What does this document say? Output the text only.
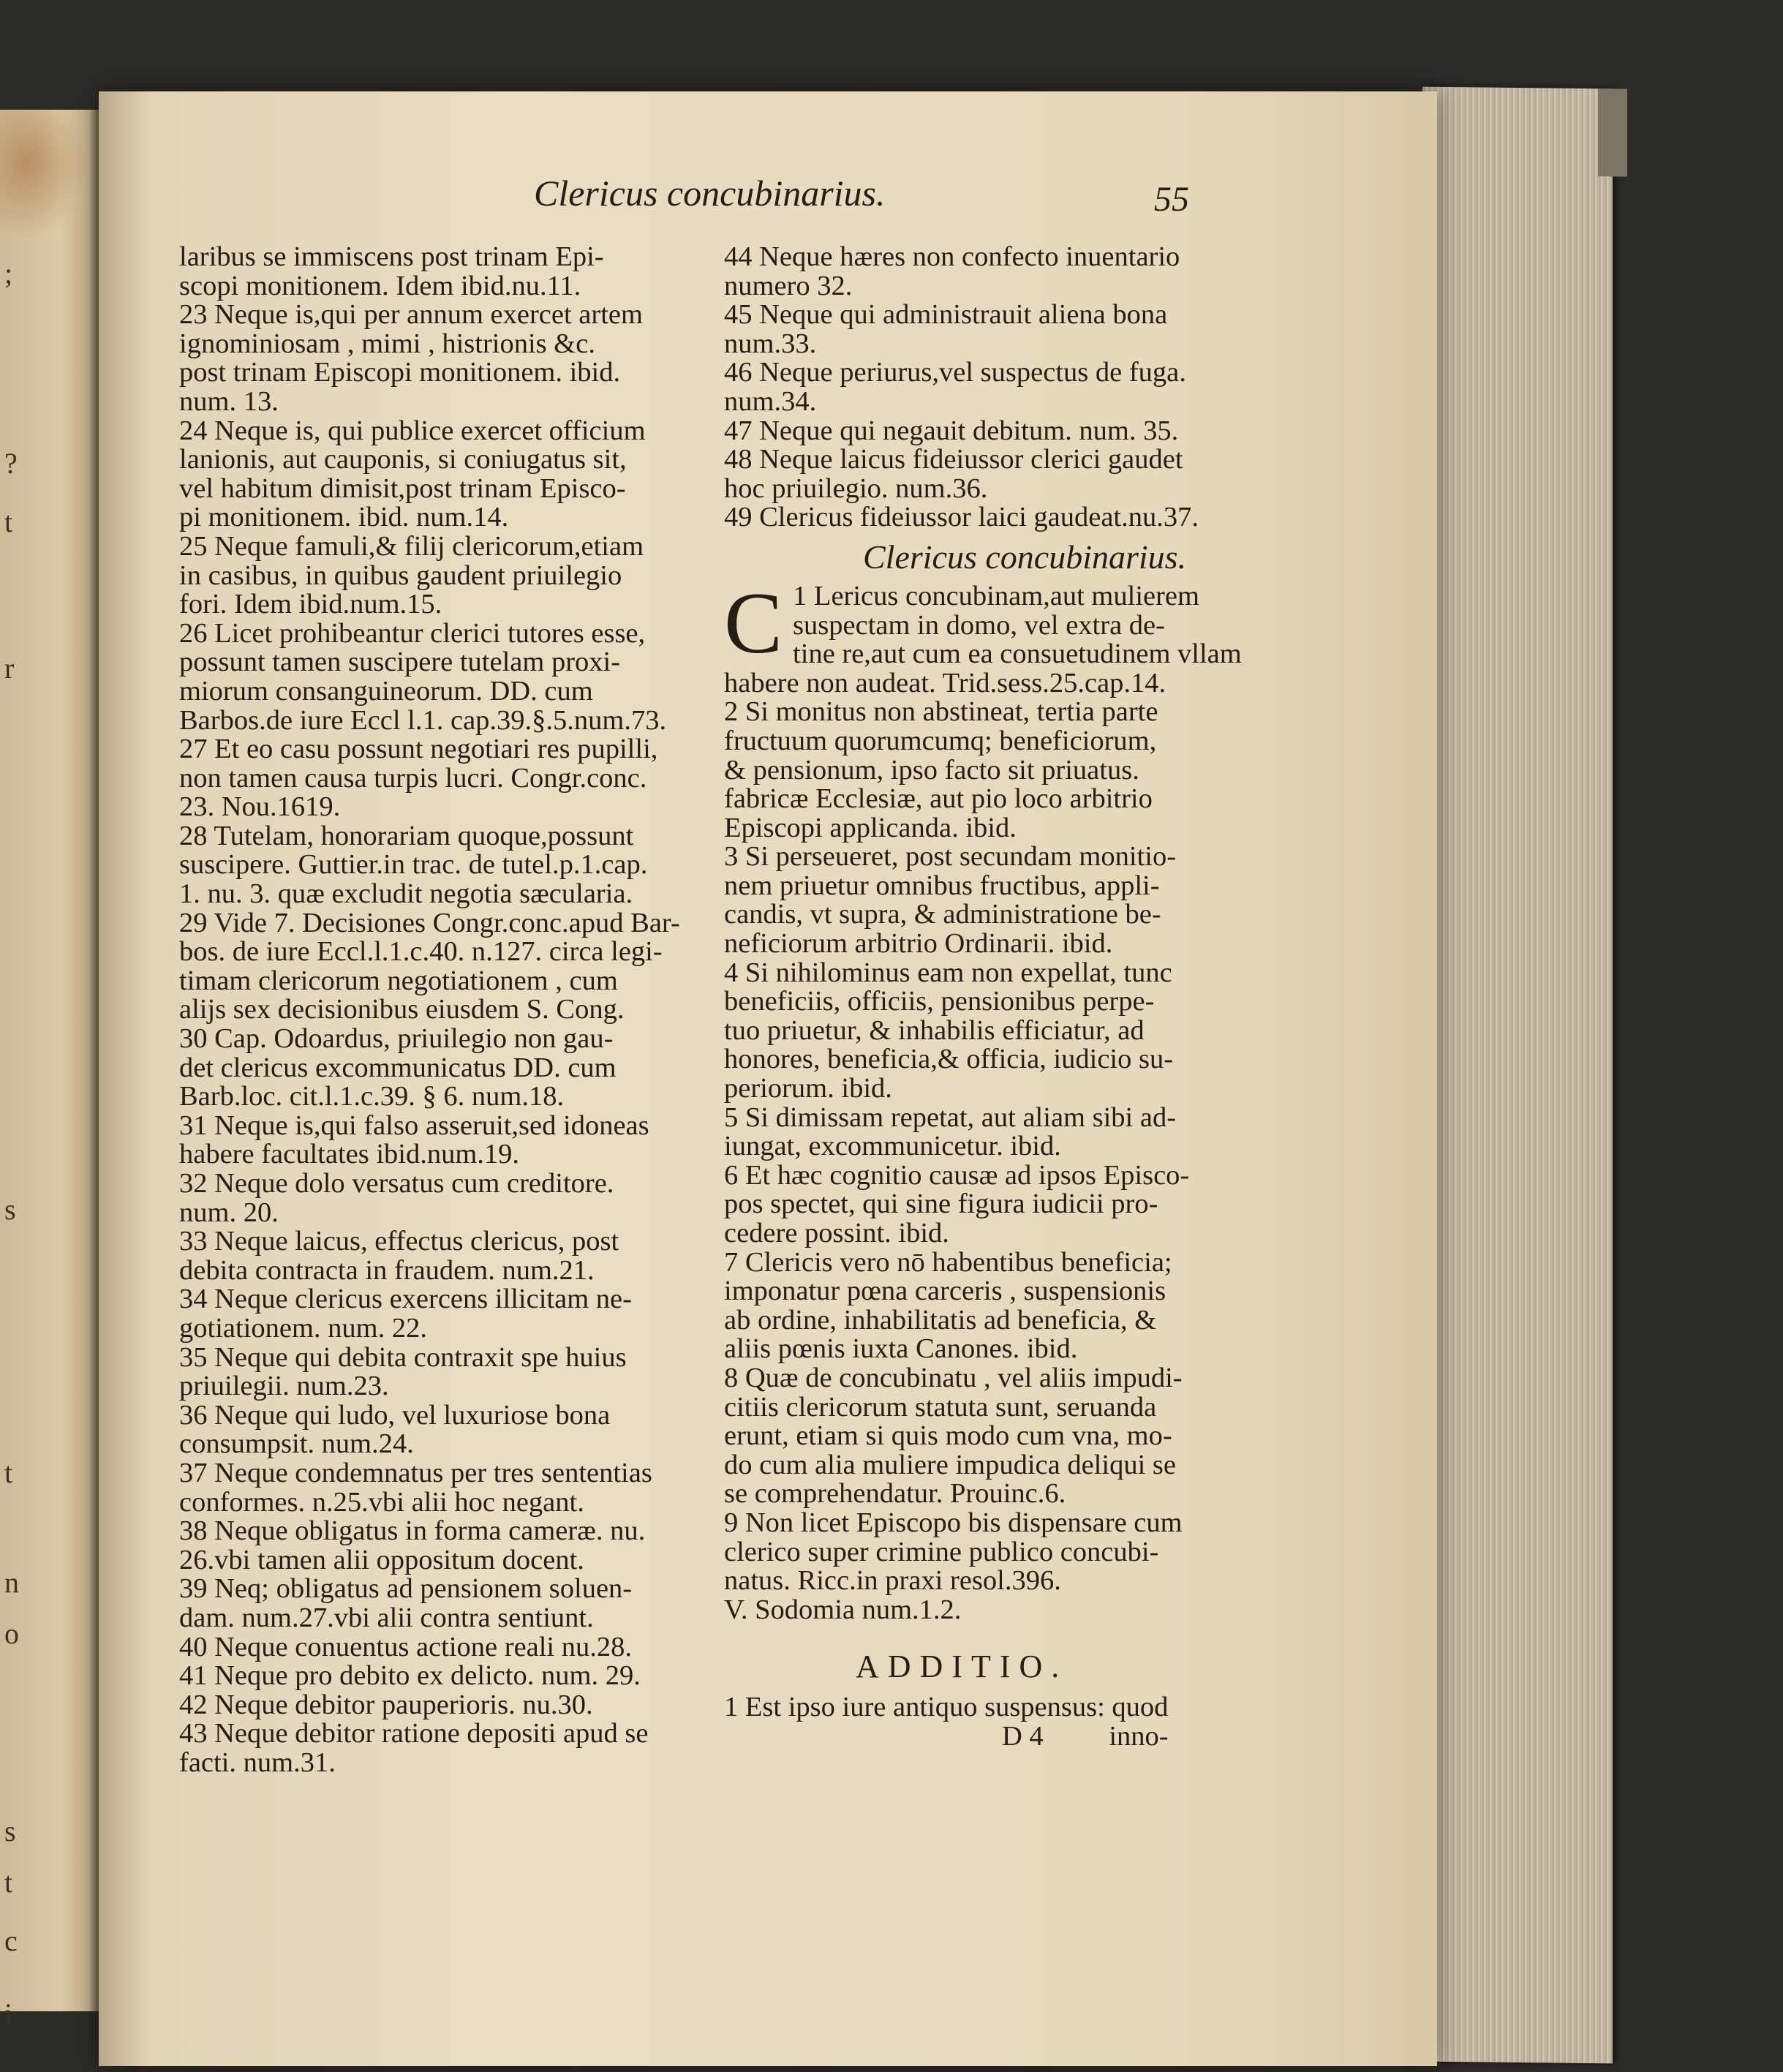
;
?
t
r
s
t
n
o
s
t
c
i
Clericus concubinarius.	55
laribus se immiscens post trinam Epi-
scopi monitionem. Idem ibid.nu.11.
23 Neque is,qui per annum exercet artem
ignominiosam , mimi , histrionis &c.
post trinam Episcopi monitionem. ibid.
num. 13.
24 Neque is, qui publice exercet officium
lanionis, aut cauponis, si coniugatus sit,
vel habitum dimisit,post trinam Episco-
pi monitionem. ibid. num.14.
25 Neque famuli,& filij clericorum,etiam
in casibus, in quibus gaudent priuilegio
fori. Idem ibid.num.15.
26 Licet prohibeantur clerici tutores esse,
possunt tamen suscipere tutelam proxi-
miorum consanguineorum. DD. cum
Barbos.de iure Eccl l.1. cap.39.§.5.num.73.
27 Et eo casu possunt negotiari res pupilli,
non tamen causa turpis lucri. Congr.conc.
23. Nou.1619.
28 Tutelam, honorariam quoque,possunt
suscipere. Guttier.in trac. de tutel.p.1.cap.
1. nu. 3. quæ excludit negotia sæcularia.
29 Vide 7. Decisiones Congr.conc.apud Bar-
bos. de iure Eccl.l.1.c.40. n.127. circa legi-
timam clericorum negotiationem , cum
alijs sex decisionibus eiusdem S. Cong.
30 Cap. Odoardus, priuilegio non gau-
det clericus excommunicatus DD. cum
Barb.loc. cit.l.1.c.39. § 6. num.18.
31 Neque is,qui falso asseruit,sed idoneas
habere facultates ibid.num.19.
32 Neque dolo versatus cum creditore.
num. 20.
33 Neque laicus, effectus clericus, post
debita contracta in fraudem. num.21.
34 Neque clericus exercens illicitam ne-
gotiationem. num. 22.
35 Neque qui debita contraxit spe huius
priuilegii. num.23.
36 Neque qui ludo, vel luxuriose bona
consumpsit. num.24.
37 Neque condemnatus per tres sententias
conformes. n.25.vbi alii hoc negant.
38 Neque obligatus in forma cameræ. nu.
26.vbi tamen alii oppositum docent.
39 Neq; obligatus ad pensionem soluen-
dam. num.27.vbi alii contra sentiunt.
40 Neque conuentus actione reali nu.28.
41 Neque pro debito ex delicto. num. 29.
42 Neque debitor pauperioris. nu.30.
43 Neque debitor ratione depositi apud se
facti. num.31.
44 Neque hæres non confecto inuentario
numero 32.
45 Neque qui administrauit aliena bona
num.33.
46 Neque periurus,vel suspectus de fuga.
num.34.
47 Neque qui negauit debitum. num. 35.
48 Neque laicus fideiussor clerici gaudet
hoc priuilegio. num.36.
49 Clericus fideiussor laici gaudeat.nu.37.
Clericus concubinarius.
C 1 Lericus concubinam,aut mulierem
suspectam in domo, vel extra de-
tine re,aut cum ea consuetudinem vllam
habere non audeat. Trid.sess.25.cap.14.
2 Si monitus non abstineat, tertia parte
fructuum quorumcumq; beneficiorum,
& pensionum, ipso facto sit priuatus.
fabricæ Ecclesiæ, aut pio loco arbitrio
Episcopi applicanda. ibid.
3 Si perseueret, post secundam monitio-
nem priuetur omnibus fructibus, appli-
candis, vt supra, & administratione be-
neficiorum arbitrio Ordinarii. ibid.
4 Si nihilominus eam non expellat, tunc
beneficiis, officiis, pensionibus perpe-
tuo priuetur, & inhabilis efficiatur, ad
honores, beneficia,& officia, iudicio su-
periorum. ibid.
5 Si dimissam repetat, aut aliam sibi ad-
iungat, excommunicetur. ibid.
6 Et hæc cognitio causæ ad ipsos Episco-
pos spectet, qui sine figura iudicii pro-
cedere possint. ibid.
7 Clericis vero nō habentibus beneficia;
imponatur pœna carceris , suspensionis
ab ordine, inhabilitatis ad beneficia, &
aliis pœnis iuxta Canones. ibid.
8 Quæ de concubinatu , vel aliis impudi-
citiis clericorum statuta sunt, seruanda
erunt, etiam si quis modo cum vna, mo-
do cum alia muliere impudica deliqui se
se comprehendatur. Prouinc.6.
9 Non licet Episcopo bis dispensare cum
clerico super crimine publico concubi-
natus. Ricc.in praxi resol.396.
V. Sodomia num.1.2.
ADDITIO.
1 Est ipso iure antiquo suspensus: quod
D 4 inno-
